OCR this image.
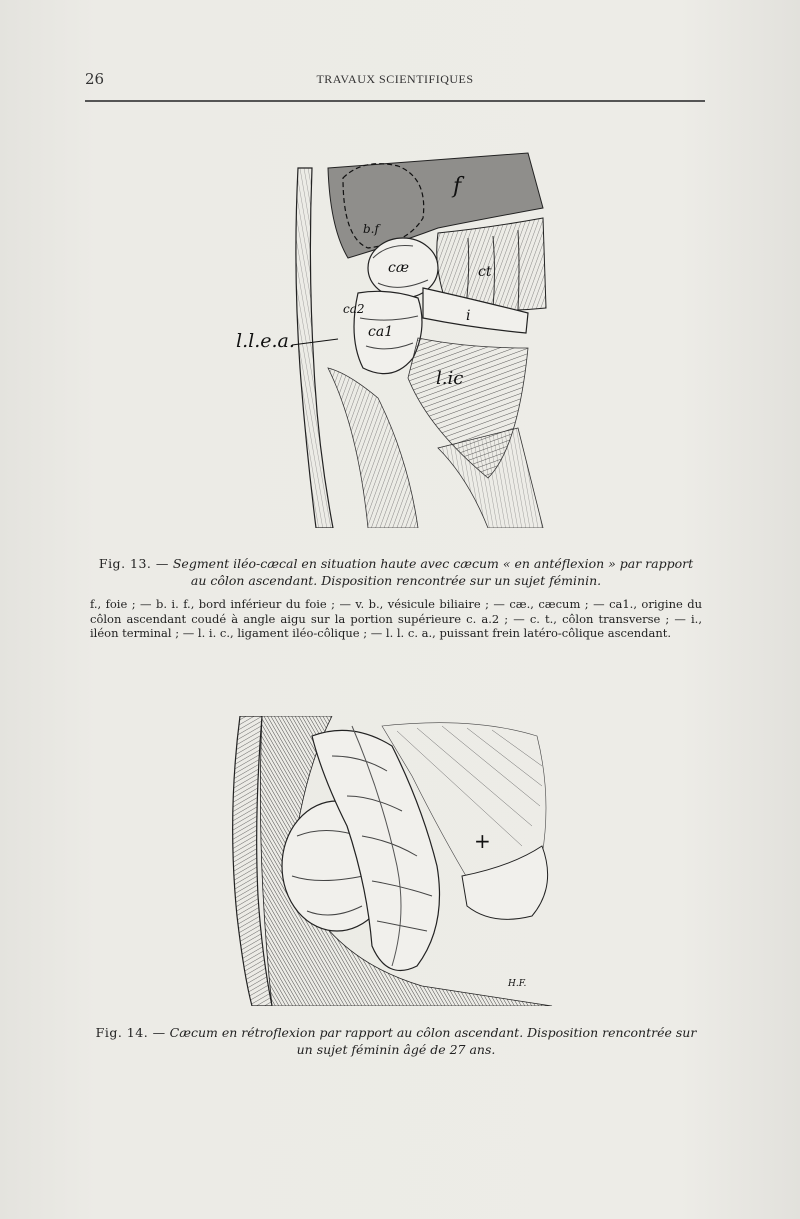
26	TRAVAUX SCIENTIFIQUES
f
b.f
cæ	ct
ca2
ca1
i
l.ic
l.l.e.a.
Fig. 13. — Segment iléo-cæcal en situation haute avec cæcum « en antéflexion » par rapport au côlon ascendant. Disposition rencontrée sur un sujet féminin.
f., foie ; — b. i. f., bord inférieur du foie ; — v. b., vésicule biliaire ; — cæ., cæcum ; — ca1., origine du côlon ascendant coudé à angle aigu sur la portion supérieure c. a.2 ; — c. t., côlon transverse ; — i., iléon terminal ; — l. i. c., ligament iléo-côlique ; — l. l. c. a., puissant frein latéro-côlique ascendant.
+
H.F.
Fig. 14. — Cæcum en rétroflexion par rapport au côlon ascendant. Disposition rencontrée sur un sujet féminin âgé de 27 ans.
